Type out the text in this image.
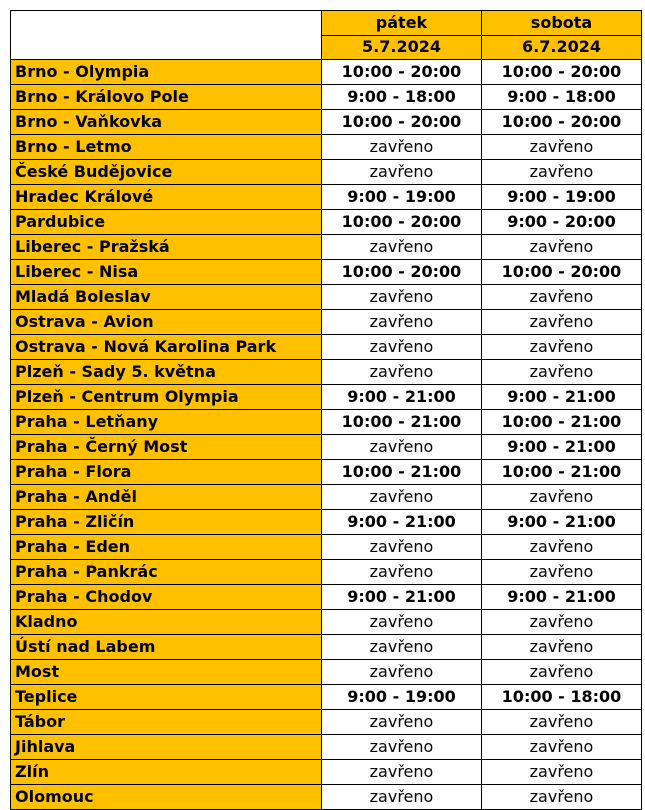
	pátek	sobota
	5.7.2024	6.7.2024
Brno - Olympia	10:00 - 20:00	10:00 - 20:00
Brno - Královo Pole	9:00 - 18:00	9:00 - 18:00
Brno - Vaňkovka	10:00 - 20:00	10:00 - 20:00
Brno - Letmo	zavřeno	zavřeno
České Budějovice	zavřeno	zavřeno
Hradec Králové	9:00 - 19:00	9:00 - 19:00
Pardubice	10:00 - 20:00	9:00 - 20:00
Liberec - Pražská	zavřeno	zavřeno
Liberec - Nisa	10:00 - 20:00	10:00 - 20:00
Mladá Boleslav	zavřeno	zavřeno
Ostrava - Avion	zavřeno	zavřeno
Ostrava - Nová Karolina Park	zavřeno	zavřeno
Plzeň - Sady 5. května	zavřeno	zavřeno
Plzeň - Centrum Olympia	9:00 - 21:00	9:00 - 21:00
Praha - Letňany	10:00 - 21:00	10:00 - 21:00
Praha - Černý Most	zavřeno	9:00 - 21:00
Praha - Flora	10:00 - 21:00	10:00 - 21:00
Praha - Anděl	zavřeno	zavřeno
Praha - Zličín	9:00 - 21:00	9:00 - 21:00
Praha - Eden	zavřeno	zavřeno
Praha - Pankrác	zavřeno	zavřeno
Praha - Chodov	9:00 - 21:00	9:00 - 21:00
Kladno	zavřeno	zavřeno
Ústí nad Labem	zavřeno	zavřeno
Most	zavřeno	zavřeno
Teplice	9:00 - 19:00	10:00 - 18:00
Tábor	zavřeno	zavřeno
Jihlava	zavřeno	zavřeno
Zlín	zavřeno	zavřeno
Olomouc	zavřeno	zavřeno
